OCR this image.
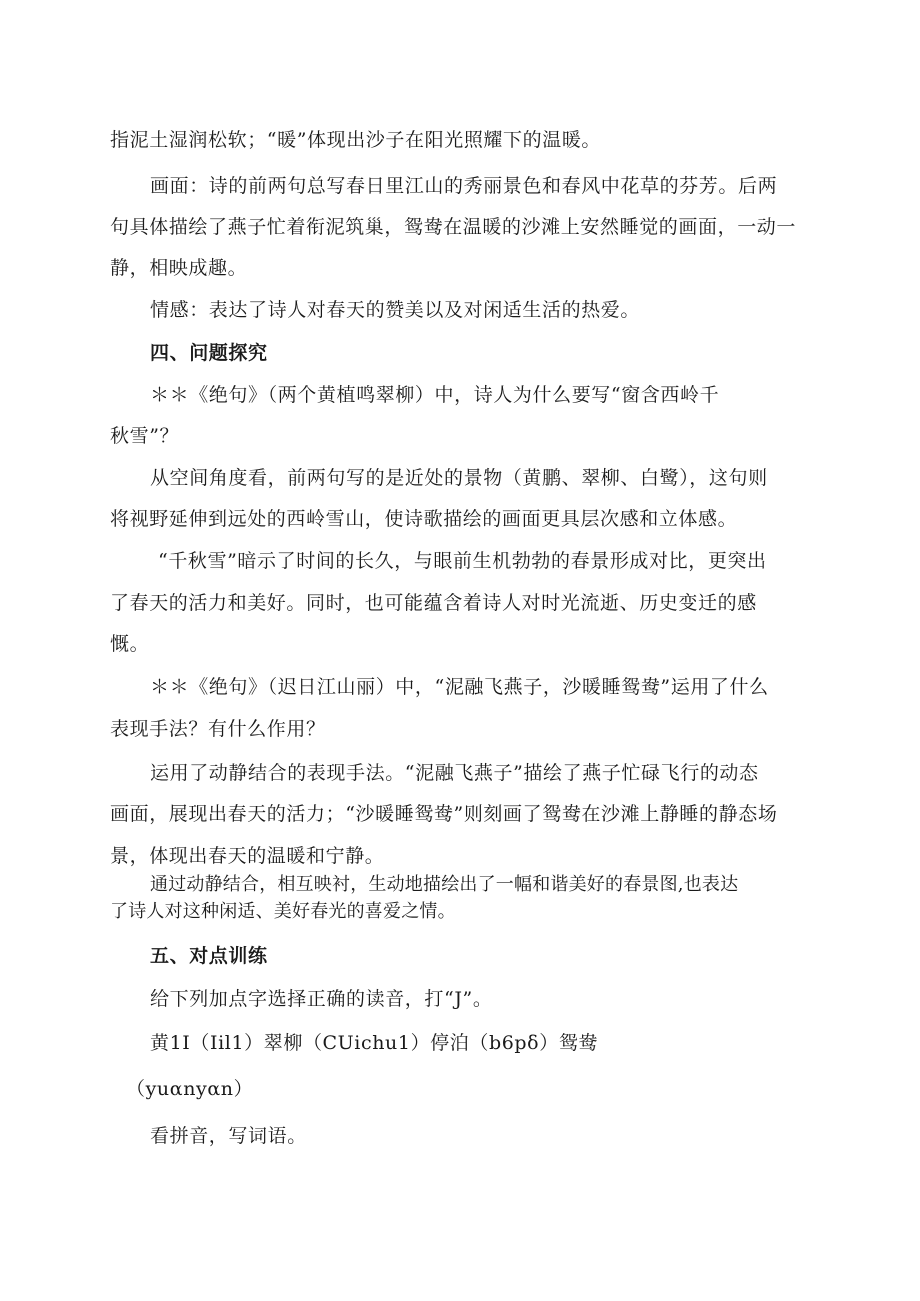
指泥土湿润松软；“暖”体现出沙子在阳光照耀下的温暖。
画面：诗的前两句总写春日里江山的秀丽景色和春风中花草的芬芳。后两
句具体描绘了燕子忙着衔泥筑巢，鸳鸯在温暖的沙滩上安然睡觉的画面，一动一
静，相映成趣。
情感：表达了诗人对春天的赞美以及对闲适生活的热爱。
四、问题探究
＊＊《绝句》（两个黄植鸣翠柳）中，诗人为什么要写“窗含西岭千
秋雪”？
从空间角度看，前两句写的是近处的景物（黄鹏、翠柳、白鹭），这句则
将视野延伸到远处的西岭雪山，使诗歌描绘的画面更具层次感和立体感。
“千秋雪”暗示了时间的长久，与眼前生机勃勃的春景形成对比，更突出
了春天的活力和美好。同时，也可能蕴含着诗人对时光流逝、历史变迁的感
慨。
＊＊《绝句》（迟日江山丽）中，“泥融飞燕子，沙暖睡鸳鸯”运用了什么
表现手法？有什么作用？
运用了动静结合的表现手法。“泥融飞燕子”描绘了燕子忙碌飞行的动态
画面，展现出春天的活力；“沙暖睡鸳鸯”则刻画了鸳鸯在沙滩上静睡的静态场
景，体现出春天的温暖和宁静。
通过动静结合，相互映衬，生动地描绘出了一幅和谐美好的春景图,也表达
了诗人对这种闲适、美好春光的喜爱之情。
五、对点训练
给下列加点字选择正确的读音，打“J”。
黄1I（Iil1）翠柳（CUichu1）停泊（b6pδ）鸳鸯
（yuαnyαn）
看拼音，写词语。
